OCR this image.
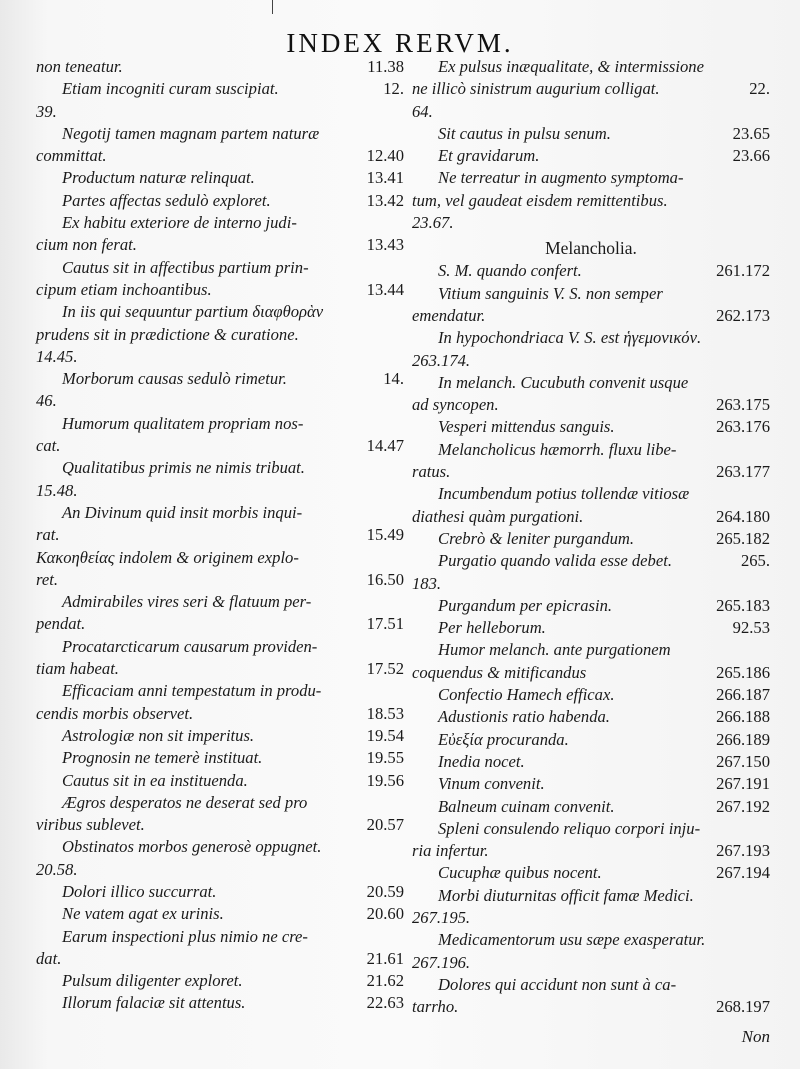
INDEX RERVM.
11.38
non teneatur.
12.
Etiam incogniti curam suscipiat.
39.
Negotij tamen magnam partem naturæ
12.40
committat.
13.41
Productum naturæ relinquat.
13.42
Partes affectas sedulò exploret.
Ex habitu exteriore de interno judi-
13.43
cium non ferat.
Cautus sit in affectibus partium prin-
13.44
cipum etiam inchoantibus.
In iis qui sequuntur partium διαφθορὰν
prudens sit in prædictione & curatione.
14.45.
14.
Morborum causas sedulò rimetur.
46.
Humorum qualitatem propriam nos-
14.47
cat.
Qualitatibus primis ne nimis tribuat.
15.48.
An Divinum quid insit morbis inqui-
15.49
rat.
Κακοηθείας indolem & originem explo-
16.50
ret.
Admirabiles vires seri & flatuum per-
17.51
pendat.
Procatarcticarum causarum providen-
17.52
tiam habeat.
Efficaciam anni tempestatum in produ-
18.53
cendis morbis observet.
19.54
Astrologiæ non sit imperitus.
19.55
Prognosin ne temerè instituat.
19.56
Cautus sit in ea instituenda.
Ægros desperatos ne deserat sed pro
20.57
viribus sublevet.
Obstinatos morbos generosè oppugnet.
20.58.
20.59
Dolori illico succurrat.
20.60
Ne vatem agat ex urinis.
Earum inspectioni plus nimio ne cre-
21.61
dat.
21.62
Pulsum diligenter exploret.
22.63
Illorum falaciæ sit attentus.
Ex pulsus inæqualitate, & intermissione
22.
ne illicò sinistrum augurium colligat.
64.
23.65
Sit cautus in pulsu senum.
23.66
Et gravidarum.
Ne terreatur in augmento symptoma-
tum, vel gaudeat eisdem remittentibus.
23.67.
Melancholia.
261.172
S. M. quando confert.
Vitium sanguinis V. S. non semper
262.173
emendatur.
In hypochondriaca V. S. est ἡγεμονικόν.
263.174.
In melanch. Cucubuth convenit usque
263.175
ad syncopen.
263.176
Vesperi mittendus sanguis.
Melancholicus hæmorrh. fluxu libe-
263.177
ratus.
Incumbendum potius tollendæ vitiosæ
264.180
diathesi quàm purgationi.
265.182
Crebrò & leniter purgandum.
265.
Purgatio quando valida esse debet.
183.
265.183
Purgandum per epicrasin.
92.53
Per helleborum.
Humor melanch. ante purgationem
265.186
coquendus & mitificandus
266.187
Confectio Hamech efficax.
266.188
Adustionis ratio habenda.
266.189
Εὐεξία procuranda.
267.150
Inedia nocet.
267.191
Vinum convenit.
267.192
Balneum cuinam convenit.
Spleni consulendo reliquo corpori inju-
267.193
ria infertur.
267.194
Cucuphæ quibus nocent.
Morbi diuturnitas officit famæ Medici.
267.195.
Medicamentorum usu sæpe exasperatur.
267.196.
Dolores qui accidunt non sunt à ca-
268.197
tarrho.
Non
